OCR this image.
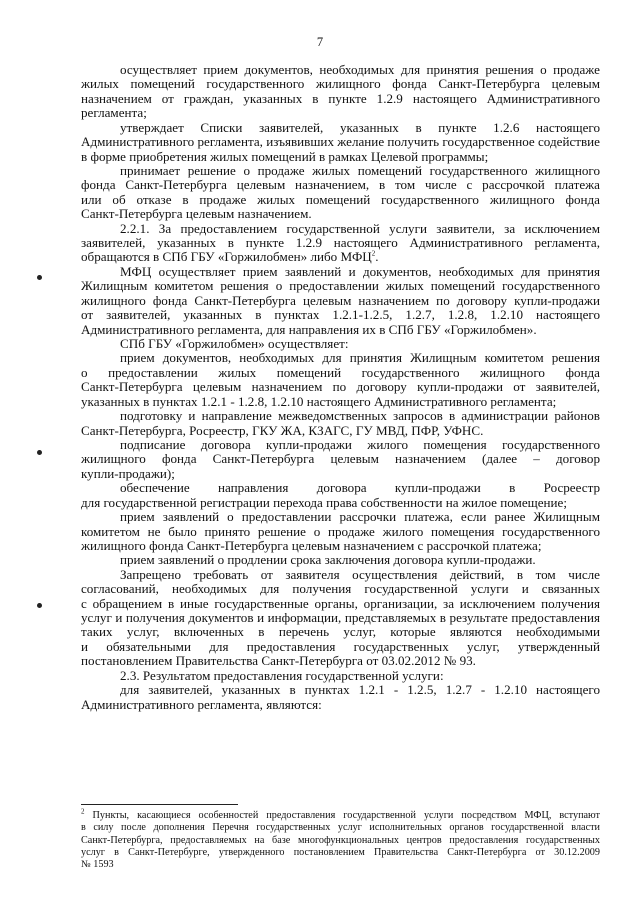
7

осуществляет прием документов, необходимых для принятия решения о продаже
жилых помещений государственного жилищного фонда Санкт-Петербурга целевым
назначением от граждан, указанных в пункте 1.2.9 настоящего Административного
регламента;

утверждает Списки заявителей, указанных в пункте 1.2.6 настоящего
Административного регламента, изъявивших желание получить государственное содействие
в форме приобретения жилых помещений в рамках Целевой программы;

принимает решение о продаже жилых помещений государственного жилищного
фонда Санкт-Петербурга целевым назначением, в том числе с рассрочкой платежа
или об отказе в продаже жилых помещений государственного жилищного фонда
Санкт-Петербурга целевым назначением.

2.2.1. За предоставлением государственной услуги заявители, за исключением
заявителей, указанных в пункте 1.2.9 настоящего Административного регламента,
обращаются в СПб ГБУ «Горжилобмен» либо МФЦ$^2$.

МФЦ осуществляет прием заявлений и документов, необходимых для принятия
Жилищным комитетом решения о предоставлении жилых помещений государственного
жилищного фонда Санкт-Петербурга целевым назначением по договору купли-продажи
от заявителей, указанных в пунктах 1.2.1-1.2.5, 1.2.7, 1.2.8, 1.2.10 настоящего
Административного регламента, для направления их в СПб ГБУ «Горжилобмен».

СПб ГБУ «Горжилобмен» осуществляет:

прием документов, необходимых для принятия Жилищным комитетом решения
о предоставлении жилых помещений государственного жилищного фонда
Санкт-Петербурга целевым назначением по договору купли-продажи от заявителей,
указанных в пунктах 1.2.1 - 1.2.8, 1.2.10 настоящего Административного регламента;

подготовку и направление межведомственных запросов в администрации районов
Санкт-Петербурга, Росреестр, ГКУ ЖА, КЗАГС, ГУ МВД, ПФР, УФНС.

подписание договора купли-продажи жилого помещения государственного
жилищного фонда Санкт-Петербурга целевым назначением (далее – договор
купли-продажи);

обеспечение направления договора купли-продажи в Росреестр
для государственной регистрации перехода права собственности на жилое помещение;

прием заявлений о предоставлении рассрочки платежа, если ранее Жилищным
комитетом не было принято решение о продаже жилого помещения государственного
жилищного фонда Санкт-Петербурга целевым назначением с рассрочкой платежа;

прием заявлений о продлении срока заключения договора купли-продажи.

Запрещено требовать от заявителя осуществления действий, в том числе
согласований, необходимых для получения государственной услуги и связанных
с обращением в иные государственные органы, организации, за исключением получения
услуг и получения документов и информации, представляемых в результате предоставления
таких услуг, включенных в перечень услуг, которые являются необходимыми
и обязательными для предоставления государственных услуг, утвержденный
постановлением Правительства Санкт-Петербурга от 03.02.2012 № 93.

2.3. Результатом предоставления государственной услуги:

для заявителей, указанных в пунктах 1.2.1 - 1.2.5, 1.2.7 - 1.2.10 настоящего
Административного регламента, являются:

$^2$ Пункты, касающиеся особенностей предоставления государственной услуги посредством МФЦ, вступают
в силу после дополнения Перечня государственных услуг исполнительных органов государственной власти
Санкт-Петербурга, предоставляемых на базе многофункциональных центров предоставления государственных
услуг в Санкт-Петербурге, утвержденного постановлением Правительства Санкт-Петербурга от 30.12.2009
№ 1593
